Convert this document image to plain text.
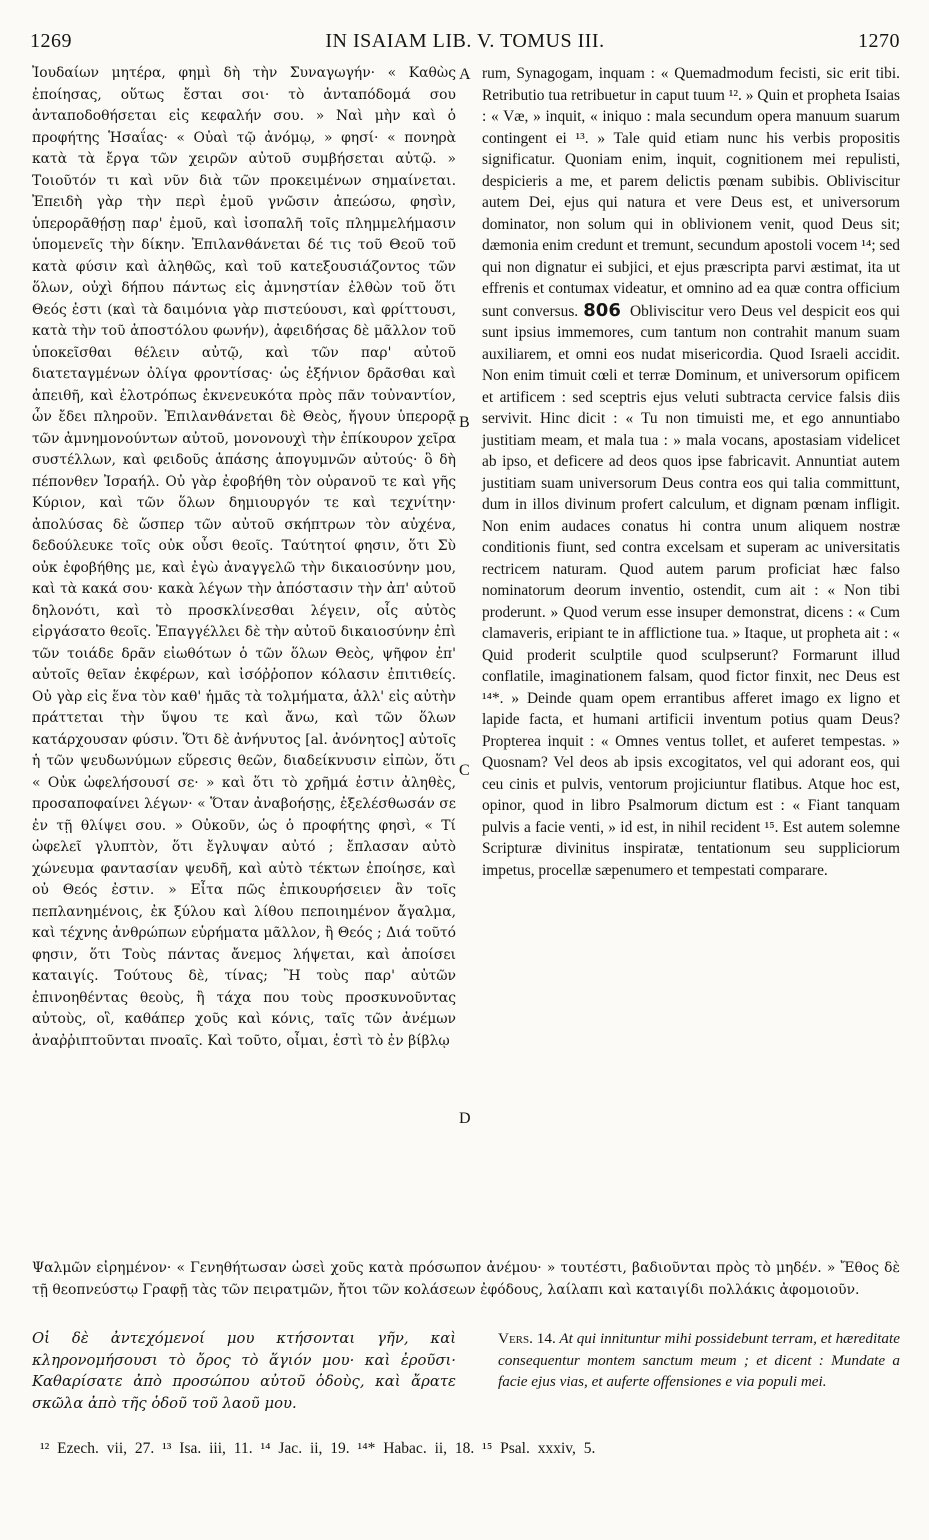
1269	IN ISAIAM LIB. V. TOMUS III.	1270

Ἰουδαίων μητέρα, φημὶ δὴ τὴν Συναγωγήν· « Καθὼς ἐποίησας, οὕτως ἔσται σοι· τὸ ἀνταπόδομά σου ἀνταποδοθήσεται εἰς κεφαλήν σου. » Ναὶ μὴν καὶ ὁ προφήτης Ἡσαΐας· « Οὐαὶ τῷ ἀνόμῳ, » φησί· « πονηρὰ κατὰ τὰ ἔργα τῶν χειρῶν αὐτοῦ συμβήσεται αὐτῷ. » Τοιοῦτόν τι καὶ νῦν διὰ τῶν προκειμένων σημαίνεται. Ἐπειδὴ γὰρ τὴν περὶ ἐμοῦ γνῶσιν ἀπεώσω, φησὶν, ὑπερορᾶθῄσῃ παρ' ἐμοῦ, καὶ ἰσοπαλῆ τοῖς πλημμελήμασιν ὑπομενεῖς τὴν δίκην. Ἐπιλανθάνεται δέ τις τοῦ Θεοῦ τοῦ κατὰ φύσιν καὶ ἀληθῶς, καὶ τοῦ κατεξουσιάζοντος τῶν ὅλων, οὐχὶ δήπου πάντως εἰς ἀμνηστίαν ἐλθὼν τοῦ ὅτι Θεός ἐστι (καὶ τὰ δαιμόνια γὰρ πιστεύουσι, καὶ φρίττουσι, κατὰ τὴν τοῦ ἀποστόλου φωνήν), ἀφειδήσας δὲ μᾶλλον τοῦ ὑποκεῖσθαι θέλειν αὐτῷ, καὶ τῶν παρ' αὐτοῦ διατεταγμένων ὀλίγα φροντίσας· ὡς ἐξήνιον δρᾶσθαι καὶ ἀπειθῆ, καὶ ἐλοτρόπως ἐκνενευκότα πρὸς πᾶν τοὐναντίον, ὧν ἔδει πληροῦν. Ἐπιλανθάνεται δὲ Θεὸς, ἤγουν ὑπερορᾷ τῶν ἀμνημονούντων αὐτοῦ, μονονουχὶ τὴν ἐπίκουρον χεῖρα συστέλλων, καὶ φειδοῦς ἁπάσης ἀπογυμνῶν αὐτούς· ὃ δὴ πέπονθεν Ἰσραήλ. Οὐ γὰρ ἐφοβήθη τὸν οὐρανοῦ τε καὶ γῆς Κύριον, καὶ τῶν ὅλων δημιουργόν τε καὶ τεχνίτην· ἀπολύσας δὲ ὥσπερ τῶν αὐτοῦ σκήπτρων τὸν αὐχένα, δεδούλευκε τοῖς οὐκ οὖσι θεοῖς. Ταύτητοί φησιν, ὅτι Σὺ οὐκ ἐφοβήθης με, καὶ ἐγὼ ἀναγγελῶ τὴν δικαιοσύνην μου, καὶ τὰ κακά σου· κακὰ λέγων τὴν ἀπόστασιν τὴν ἀπ' αὐτοῦ δηλονότι, καὶ τὸ προσκλίνεσθαι λέγειν, οἷς αὐτὸς εἰργάσατο θεοῖς. Ἐπαγγέλλει δὲ τὴν αὐτοῦ δικαιοσύνην ἐπὶ τῶν τοιάδε δρᾶν εἰωθότων ὁ τῶν ὅλων Θεὸς, ψῆφον ἐπ' αὐτοῖς θεῖαν ἐκφέρων, καὶ ἰσόῤῥοπον κόλασιν ἐπιτιθείς. Οὐ γὰρ εἰς ἕνα τὸν καθ' ἡμᾶς τὰ τολμήματα, ἀλλ' εἰς αὐτὴν πράττεται τὴν ὕψου τε καὶ ἄνω, καὶ τῶν ὅλων κατάρχουσαν φύσιν. Ὅτι δὲ ἀνήνυτος [al. ἀνόνητος] αὐτοῖς ἡ τῶν ψευδωνύμων εὕρεσις θεῶν, διαδείκνυσιν εἰπὼν, ὅτι « Οὐκ ὠφελήσουσί σε· » καὶ ὅτι τὸ χρῆμά ἐστιν ἀληθὲς, προσαποφαίνει λέγων· « Ὅταν ἀναβοήσῃς, ἐξελέσθωσάν σε ἐν τῇ θλίψει σου. » Οὐκοῦν, ὡς ὁ προφήτης φησὶ, « Τί ὠφελεῖ γλυπτὸν, ὅτι ἔγλυψαν αὐτό ; ἔπλασαν αὐτὸ χώνευμα φαντασίαν ψευδῆ, καὶ αὐτὸ τέκτων ἐποίησε, καὶ οὐ Θεός ἐστιν. » Εἶτα πῶς ἐπικουρήσειεν ἂν τοῖς πεπλανημένοις, ἐκ ξύλου καὶ λίθου πεποιημένον ἄγαλμα, καὶ τέχνης ἀνθρώπων εὑρήματα μᾶλλον, ἢ Θεός ; Διά τοῦτό φησιν, ὅτι Τοὺς πάντας ἄνεμος λήψεται, καὶ ἀποίσει καταιγίς. Τούτους δὲ, τίνας; Ἢ τοὺς παρ' αὐτῶν ἐπινοηθέντας θεοὺς, ἢ τάχα που τοὺς προσκυνοῦντας αὐτοὺς, οἳ, καθάπερ χοῦς καὶ κόνις, ταῖς τῶν ἀνέμων ἀναῤῥιπτοῦνται πνοαῖς. Καὶ τοῦτο, οἶμαι, ἐστὶ τὸ ἐν βίβλῳ

A
B
C
D

rum, Synagogam, inquam : « Quemadmodum fecisti, sic erit tibi. Retributio tua retribuetur in caput tuum ¹². » Quin et propheta Isaias : « Væ, » inquit, « iniquo : mala secundum opera manuum suarum contingent ei ¹³. » Tale quid etiam nunc his verbis propositis significatur. Quoniam enim, inquit, cognitionem mei repulisti, despicieris a me, et parem delictis pœnam subibis. Obliviscitur autem Dei, ejus qui natura et vere Deus est, et universorum dominator, non solum qui in oblivionem venit, quod Deus sit; dæmonia enim credunt et tremunt, secundum apostoli vocem ¹⁴; sed qui non dignatur ei subjici, et ejus præscripta parvi æstimat, ita ut effrenis et contumax videatur, et omnino ad ea quæ contra officium sunt conversus. 806 Obliviscitur vero Deus vel despicit eos qui sunt ipsius immemores, cum tantum non contrahit manum suam auxiliarem, et omni eos nudat misericordia. Quod Israeli accidit. Non enim timuit cœli et terræ Dominum, et universorum opificem et artificem : sed sceptris ejus veluti subtracta cervice falsis diis servivit. Hinc dicit : « Tu non timuisti me, et ego annuntiabo justitiam meam, et mala tua : » mala vocans, apostasiam videlicet ab ipso, et deficere ad deos quos ipse fabricavit. Annuntiat autem justitiam suam universorum Deus contra eos qui talia committunt, dum in illos divinum profert calculum, et dignam pœnam infligit. Non enim audaces conatus hi contra unum aliquem nostræ conditionis fiunt, sed contra excelsam et superam ac universitatis rectricem naturam. Quod autem parum proficiat hæc falso nominatorum deorum inventio, ostendit, cum ait : « Non tibi proderunt. » Quod verum esse insuper demonstrat, dicens : « Cum clamaveris, eripiant te in afflictione tua. » Itaque, ut propheta ait : « Quid proderit sculptile quod sculpserunt? Formarunt illud conflatile, imaginationem falsam, quod fictor finxit, nec Deus est ¹⁴*. » Deinde quam opem errantibus afferet imago ex ligno et lapide facta, et humani artificii inventum potius quam Deus? Propterea inquit : « Omnes ventus tollet, et auferet tempestas. » Quosnam? Vel deos ab ipsis excogitatos, vel qui adorant eos, qui ceu cinis et pulvis, ventorum projiciuntur flatibus. Atque hoc est, opinor, quod in libro Psalmorum dictum est : « Fiant tanquam pulvis a facie venti, » id est, in nihil recident ¹⁵. Est autem solemne Scripturæ divinitus inspiratæ, tentationum seu suppliciorum impetus, procellæ sæpenumero et tempestati comparare.

Ψαλμῶν εἰρημένον· « Γενηθήτωσαν ὡσεὶ χοῦς κατὰ πρόσωπον ἀνέμου· » τουτέστι, βαδιοῦνται πρὸς τὸ μηδέν. » Ἔθος δὲ τῇ θεοπνεύστῳ Γραφῇ τὰς τῶν πειρατμῶν, ἤτοι τῶν κολάσεων ἐφόδους, λαίλαπι καὶ καταιγίδι πολλάκις ἀφομοιοῦν.
Οἱ δὲ ἀντεχόμενοί μου κτήσονται γῆν, καὶ κληρονομήσουσι τὸ ὄρος τὸ ἅγιόν μου· καὶ ἐροῦσι· Καθαρίσατε ἀπὸ προσώπου αὐτοῦ ὁδοὺς, καὶ ἄρατε σκῶλα ἀπὸ τῆς ὁδοῦ τοῦ λαοῦ μου.
Vers. 14. At qui innituntur mihi possidebunt terram, et hæreditate consequentur montem sanctum meum ; et dicent : Mundate a facie ejus vias, et auferte offensiones e via populi mei.
¹² Ezech. vii, 27. ¹³ Isa. iii, 11. ¹⁴ Jac. ii, 19. ¹⁴* Habac. ii, 18. ¹⁵ Psal. xxxiv, 5.
